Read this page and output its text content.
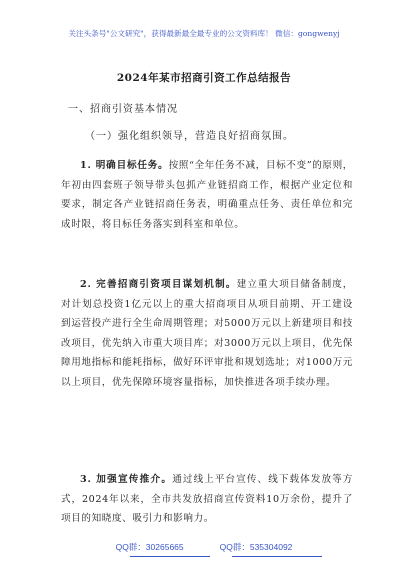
关注头条号"公文研究"，获得最新最全最专业的公文资料库！ 微信：gongwenyj
2024年某市招商引资工作总结报告
一、招商引资基本情况
（一）强化组织领导，营造良好招商氛围。

1. 明确目标任务。按照“全年任务不减，目标不变”的原则，年初由四套班子领导带头包抓产业链招商工作，根据产业定位和要求，制定各产业链招商任务表，明确重点任务、责任单位和完成时限，将目标任务落实到科室和单位。

2. 完善招商引资项目谋划机制。建立重大项目储备制度，对计划总投资1亿元以上的重大招商项目从项目前期、开工建设到运营投产进行全生命周期管理；对5000万元以上新建项目和技改项目，优先纳入市重大项目库；对3000万元以上项目，优先保障用地指标和能耗指标，做好环评审批和规划选址；对1000万元以上项目，优先保障环境容量指标，加快推进各项手续办理。

3. 加强宣传推介。通过线上平台宣传、线下载体发放等方式，2024年以来，全市共发放招商宣传资料10万余份，提升了项目的知晓度、吸引力和影响力。

QQ群：30265665	QQ群：535304092
